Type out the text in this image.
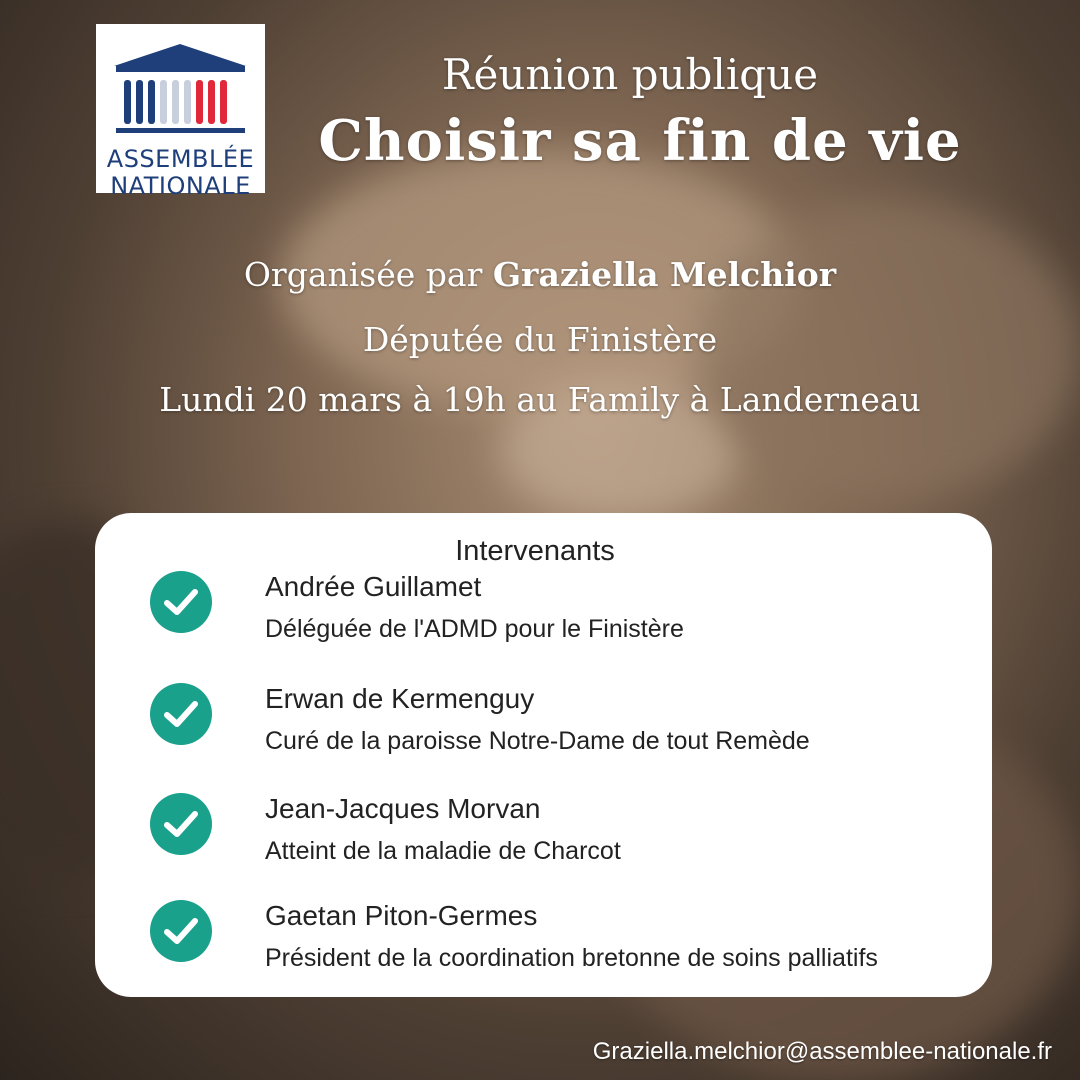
ASSEMBLÉE
NATIONALE
Réunion publique
Choisir sa fin de vie
Organisée par Graziella Melchior
Députée du Finistère
Lundi 20 mars à 19h au Family à Landerneau
Intervenants
Andrée Guillamet
Déléguée de l'ADMD pour le Finistère
Erwan de Kermenguy
Curé de la paroisse Notre-Dame de tout Remède
Jean-Jacques Morvan
Atteint de la maladie de Charcot
Gaetan Piton-Germes
Président de la coordination bretonne de soins palliatifs
Graziella.melchior@assemblee-nationale.fr
